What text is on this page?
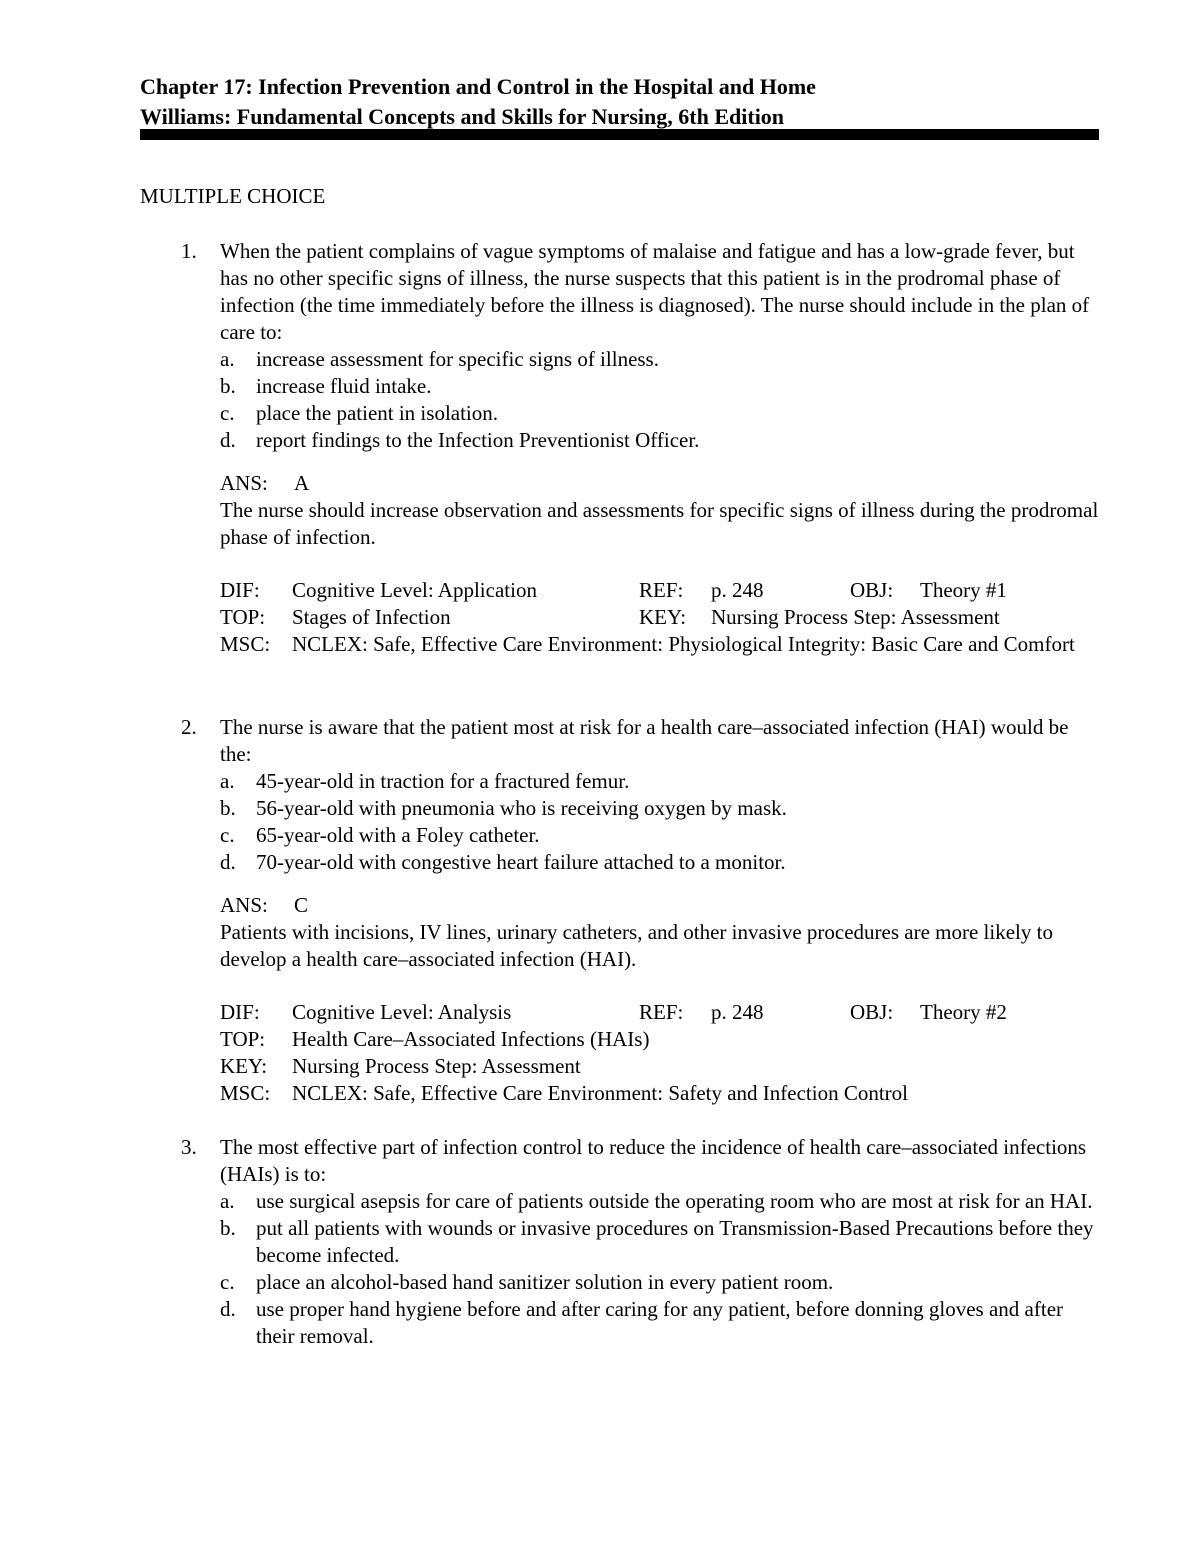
Chapter 17: Infection Prevention and Control in the Hospital and Home
Williams: Fundamental Concepts and Skills for Nursing, 6th Edition
MULTIPLE CHOICE
1. When the patient complains of vague symptoms of malaise and fatigue and has a low-grade fever, but has no other specific signs of illness, the nurse suspects that this patient is in the prodromal phase of infection (the time immediately before the illness is diagnosed). The nurse should include in the plan of care to:

a. increase assessment for specific signs of illness.
b. increase fluid intake.
c. place the patient in isolation.
d. report findings to the Infection Preventionist Officer.
ANS: A

The nurse should increase observation and assessments for specific signs of illness during the prodromal phase of infection.

DIF: Cognitive Level: Application	REF: p. 248	OBJ: Theory #1
TOP: Stages of Infection	KEY: Nursing Process Step: Assessment
MSC: NCLEX: Safe, Effective Care Environment: Physiological Integrity: Basic Care and Comfort
2. The nurse is aware that the patient most at risk for a health care–associated infection (HAI) would be the:

a. 45-year-old in traction for a fractured femur.
b. 56-year-old with pneumonia who is receiving oxygen by mask.
c. 65-year-old with a Foley catheter.
d. 70-year-old with congestive heart failure attached to a monitor.
ANS: C

Patients with incisions, IV lines, urinary catheters, and other invasive procedures are more likely to develop a health care–associated infection (HAI).

DIF: Cognitive Level: Analysis	REF: p. 248	OBJ: Theory #2
TOP: Health Care–Associated Infections (HAIs)
KEY: Nursing Process Step: Assessment
MSC: NCLEX: Safe, Effective Care Environment: Safety and Infection Control
3. The most effective part of infection control to reduce the incidence of health care–associated infections (HAIs) is to:

a. use surgical asepsis for care of patients outside the operating room who are most at risk for an HAI.
b. put all patients with wounds or invasive procedures on Transmission-Based Precautions before they become infected.
c. place an alcohol-based hand sanitizer solution in every patient room.
d. use proper hand hygiene before and after caring for any patient, before donning gloves and after their removal.
